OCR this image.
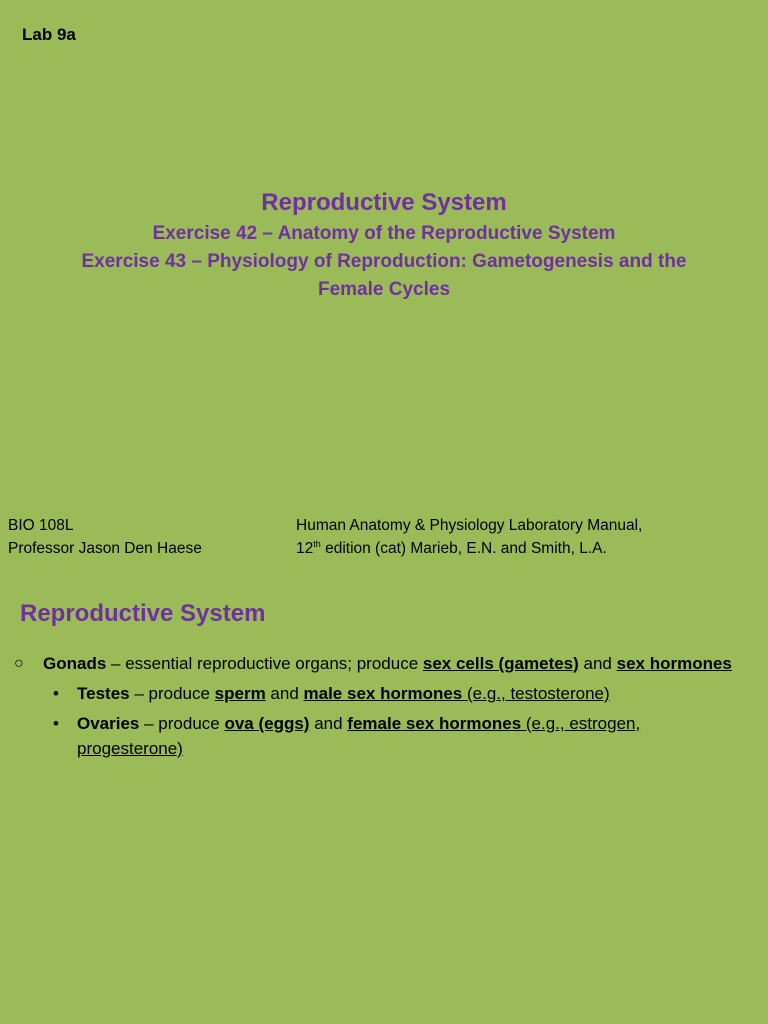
Lab 9a
Reproductive System
Exercise 42 – Anatomy of the Reproductive System
Exercise 43 – Physiology of Reproduction: Gametogenesis and the
Female Cycles
BIO 108L
Professor Jason Den Haese
Human Anatomy & Physiology Laboratory Manual,
12th edition (cat) Marieb, E.N. and Smith, L.A.
Reproductive System
○ Gonads – essential reproductive organs; produce sex cells (gametes) and sex hormones
• Testes – produce sperm and male sex hormones (e.g., testosterone)
• Ovaries – produce ova (eggs) and female sex hormones (e.g., estrogen, progesterone)
